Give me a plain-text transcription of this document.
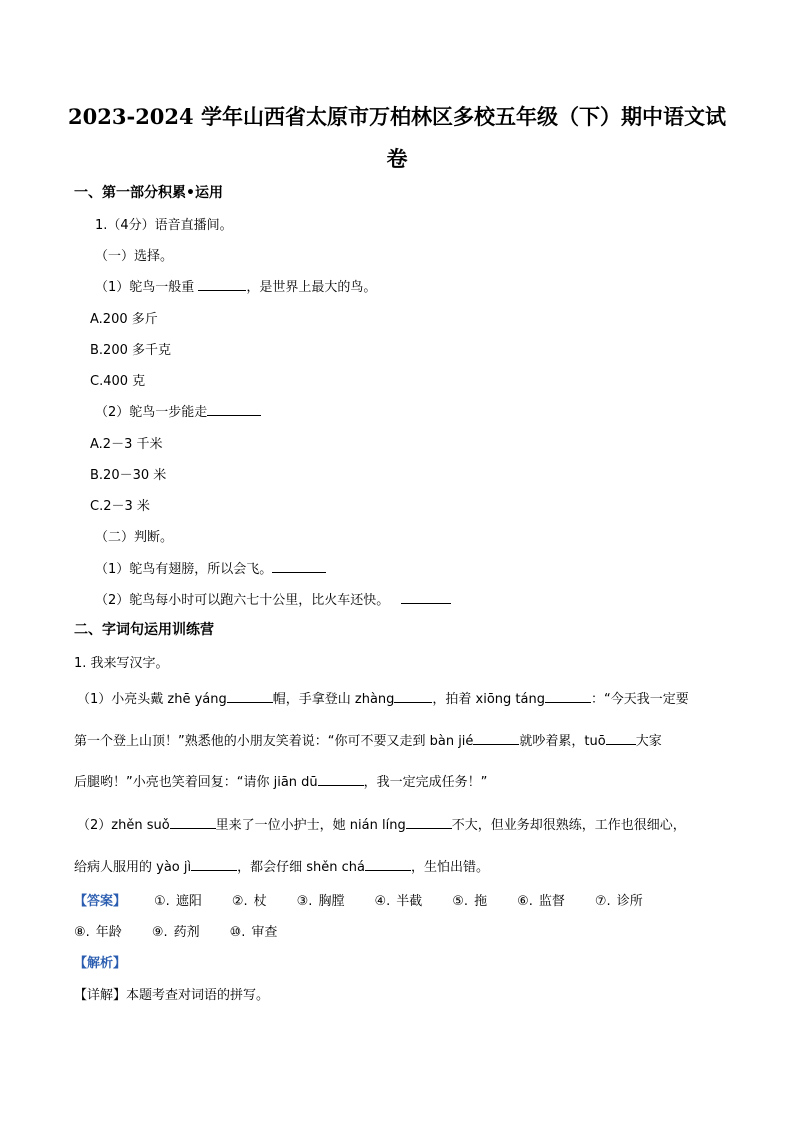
2023-2024 学年山西省太原市万柏林区多校五年级（下）期中语文试
卷
一、第一部分积累•运用
1.（4分）语音直播间。
（一）选择。
（1）鸵鸟一般重	，是世界上最大的鸟。
A.200 多斤
B.200 多千克
C.400 克
（2）鸵鸟一步能走
A.2－3 千米
B.20－30 米
C.2－3 米
（二）判断。
（1）鸵鸟有翅膀，所以会飞。
（2）鸵鸟每小时可以跑六七十公里，比火车还快。
二、字词句运用训练营
1. 我来写汉字。
（1）小亮头戴 zhē yáng	帽，手拿登山 zhàng	，拍着 xiōng táng	：“今天我一定要
第一个登上山顶！”熟悉他的小朋友笑着说：“你可不要又走到 bàn jié	就吵着累，tuō 大家
后腿哟！”小亮也笑着回复：“请你 jiān dū	，我一定完成任务！”
（2）zhěn suǒ	里来了一位小护士，她 nián líng	不大，但业务却很熟练，工作也很细心，
给病人服用的 yào jì	，都会仔细 shěn chá	，生怕出错。
【答案】 ①. 遮阳 ②. 杖 ③. 胸膛 ④. 半截 ⑤. 拖 ⑥. 监督 ⑦. 诊所
⑧. 年龄 ⑨. 药剂 ⑩. 审查
【解析】
【详解】本题考查对词语的拼写。
